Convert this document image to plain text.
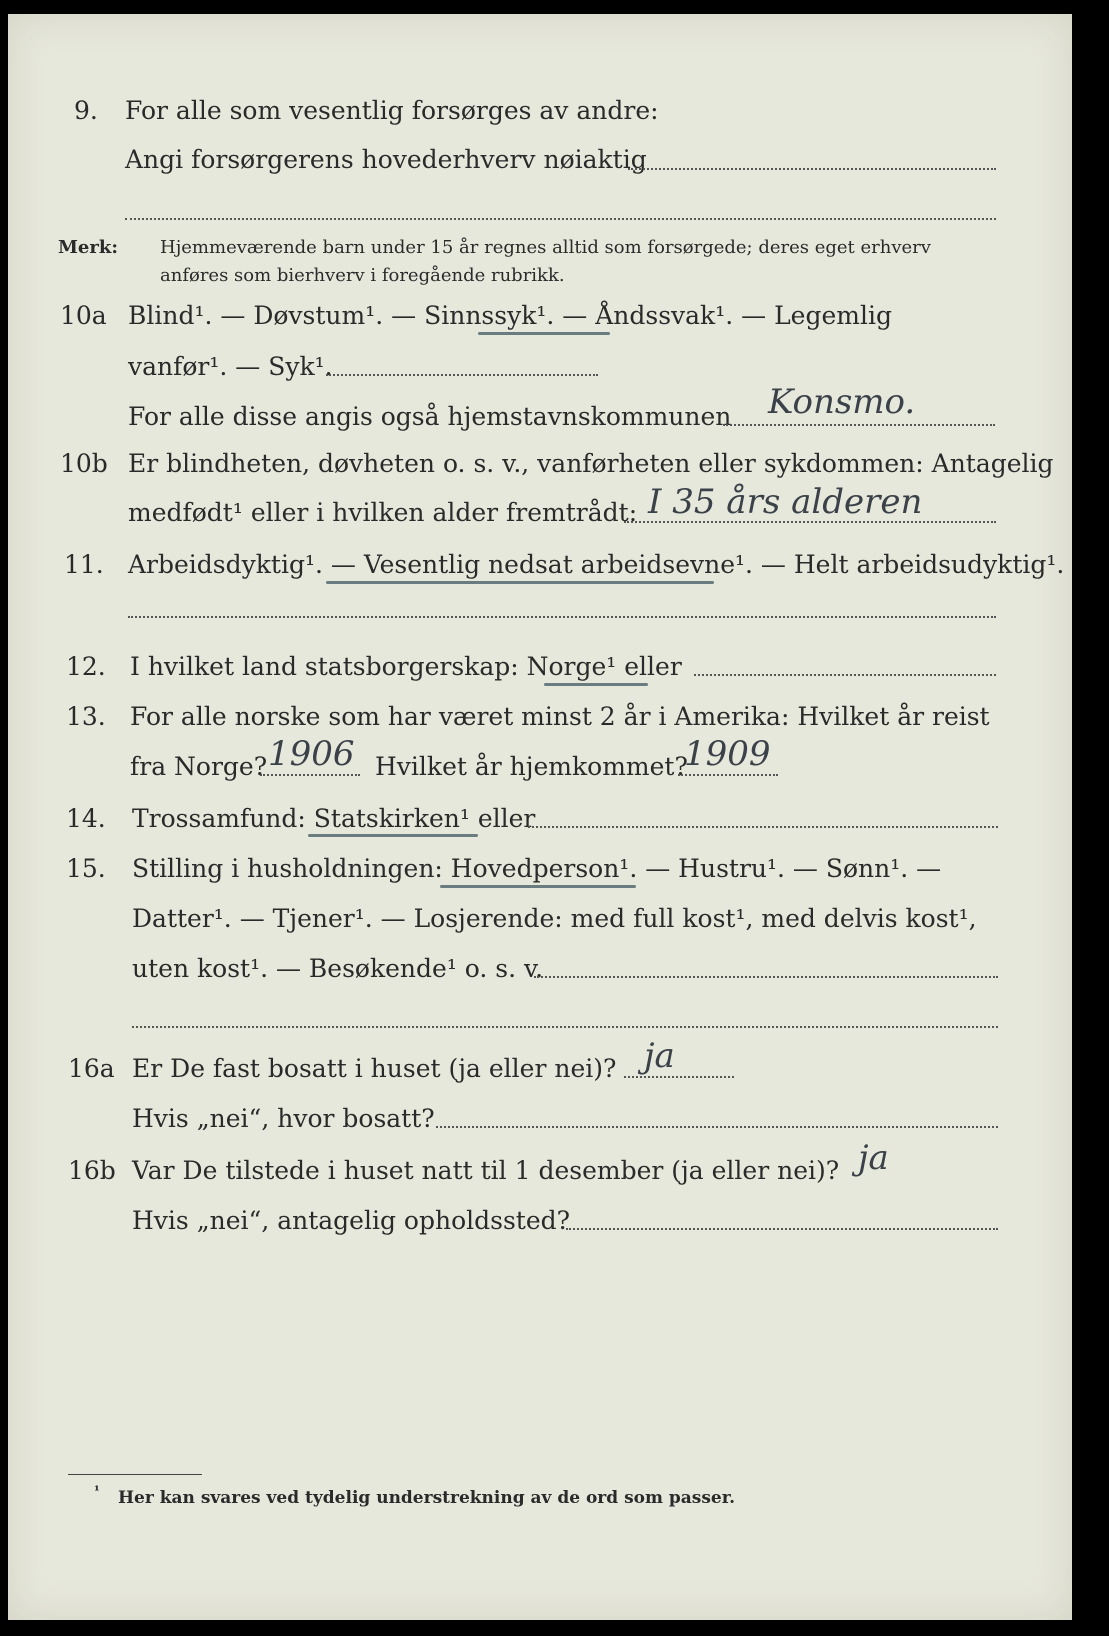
9. For alle som vesentlig forsørges av andre:
Angi forsørgerens hovederhverv nøiaktig
Merk: Hjemmeværende barn under 15 år regnes alltid som forsørgede; deres eget erhverv
anføres som bierhverv i foregående rubrikk.
10a Blind¹. — Døvstum¹. — Sinnssyk¹. — Åndssvak¹. — Legemlig
vanfør¹. — Syk¹.
For alle disse angis også hjemstavnskommunen Konsmo.
10b Er blindheten, døvheten o. s. v., vanførheten eller sykdommen: Antagelig
medfødt¹ eller i hvilken alder fremtrådt: I 35 års alderen
11. Arbeidsdyktig¹. — Vesentlig nedsat arbeidsevne¹. — Helt arbeidsudyktig¹.
12. I hvilket land statsborgerskap: Norge¹ eller
13. For alle norske som har været minst 2 år i Amerika: Hvilket år reist
fra Norge? 1906 Hvilket år hjemkommet?
1909
14. Trossamfund: Statskirken¹ eller
15. Stilling i husholdningen: Hovedperson¹. — Hustru¹. — Sønn¹. —
Datter¹. — Tjener¹. — Losjerende: med full kost¹, med delvis kost¹,
uten kost¹. — Besøkende¹ o. s. v.
16a Er De fast bosatt i huset (ja eller nei)? ja
Hvis „nei“, hvor bosatt?
16b Var De tilstede i huset natt til 1 desember (ja eller nei)? ja
Hvis „nei“, antagelig opholdssted?
¹ Her kan svares ved tydelig understrekning av de ord som passer.
